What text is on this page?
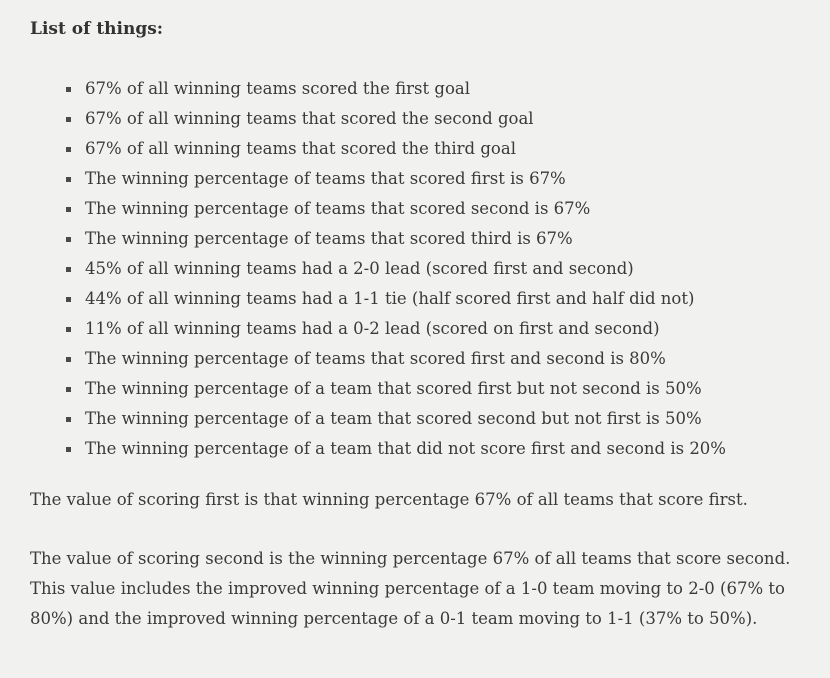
List of things:
67% of all winning teams scored the first goal
67% of all winning teams that scored the second goal
67% of all winning teams that scored the third goal
The winning percentage of teams that scored first is 67%
The winning percentage of teams that scored second is 67%
The winning percentage of teams that scored third is 67%
45% of all winning teams had a 2-0 lead (scored first and second)
44% of all winning teams had a 1-1 tie (half scored first and half did not)
11% of all winning teams had a 0-2 lead (scored on first and second)
The winning percentage of teams that scored first and second is 80%
The winning percentage of a team that scored first but not second is 50%
The winning percentage of a team that scored second but not first is 50%
The winning percentage of a team that did not score first and second is 20%

The value of scoring first is that winning percentage 67% of all teams that score first.

The value of scoring second is the winning percentage 67% of all teams that score second. This value includes the improved winning percentage of a 1-0 team moving to 2-0 (67% to 80%) and the improved winning percentage of a 0-1 team moving to 1-1 (37% to 50%).
